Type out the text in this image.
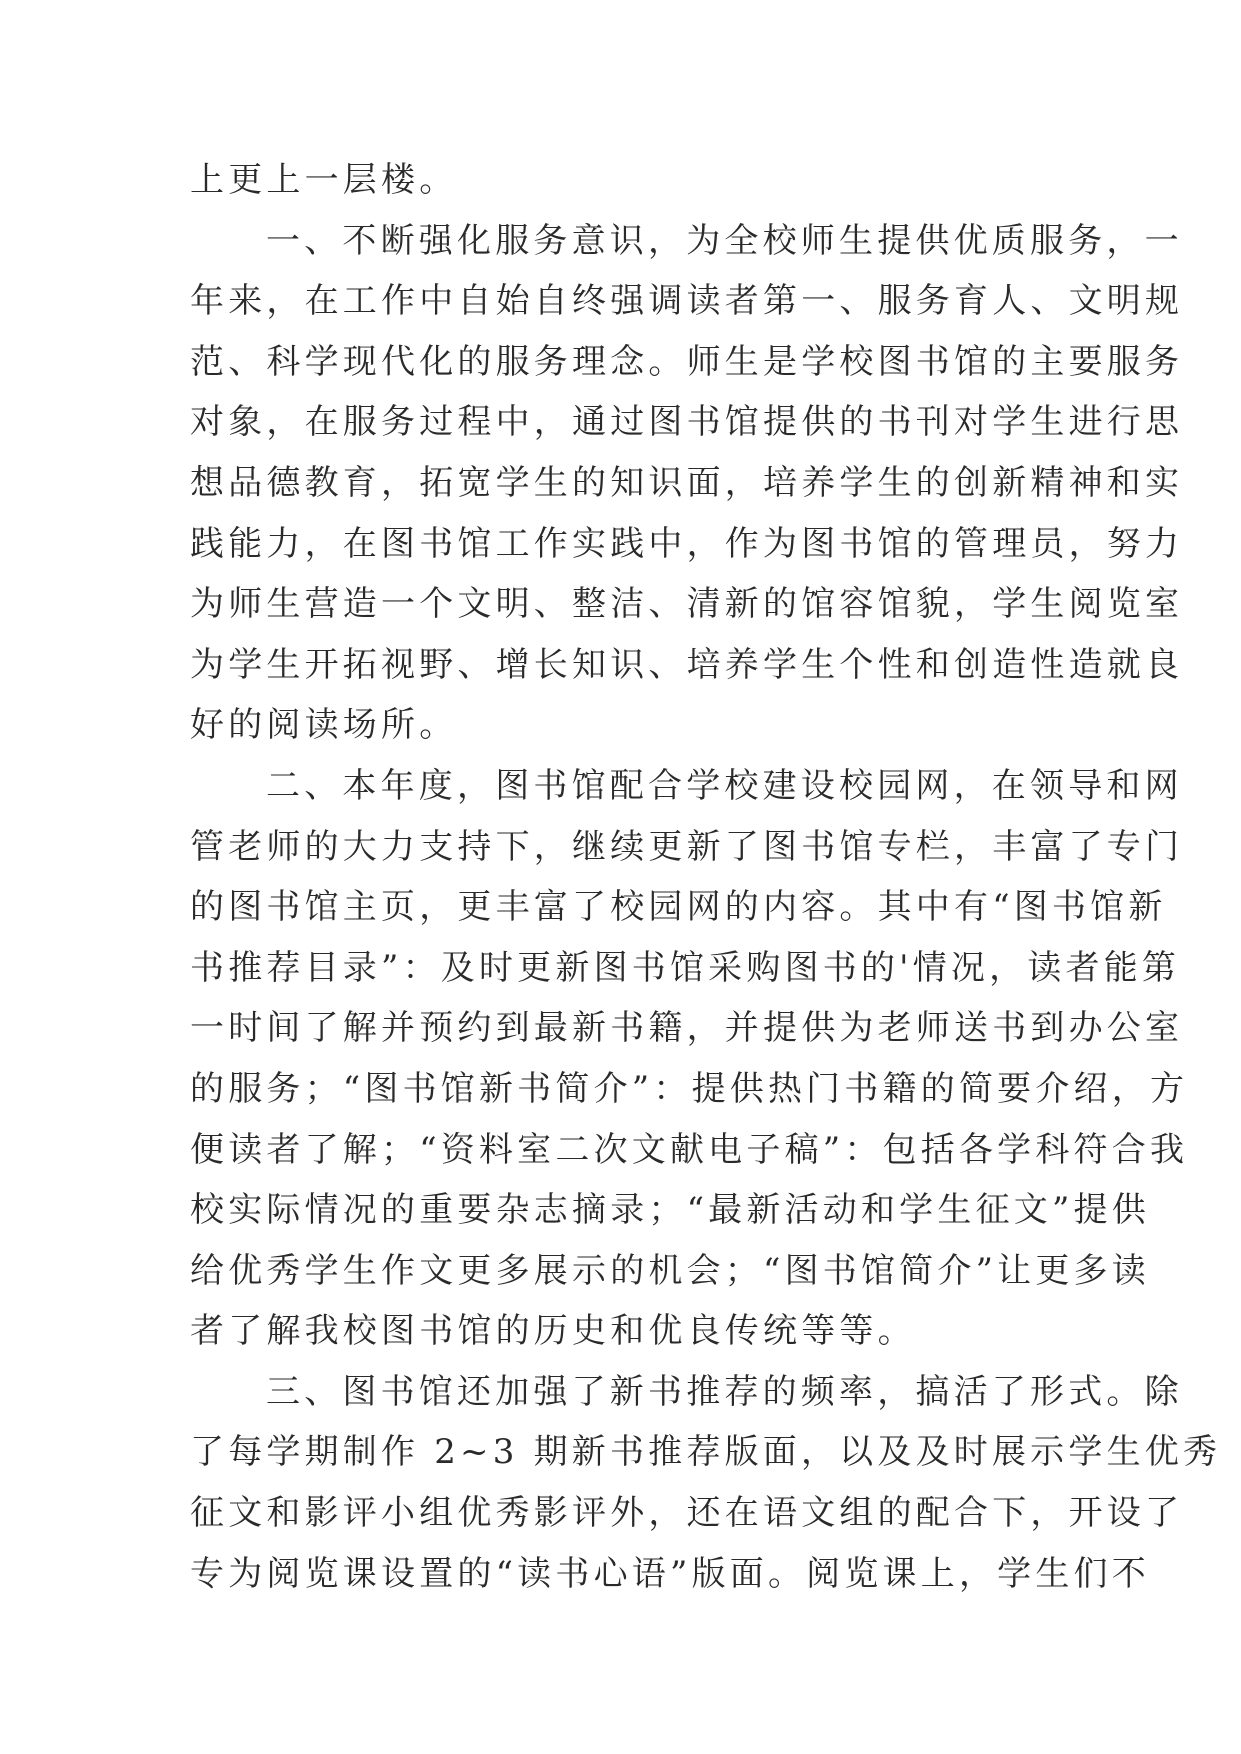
上更上一层楼。
一、不断强化服务意识，为全校师生提供优质服务，一
年来，在工作中自始自终强调读者第一、服务育人、文明规
范、科学现代化的服务理念。师生是学校图书馆的主要服务
对象，在服务过程中，通过图书馆提供的书刊对学生进行思
想品德教育，拓宽学生的知识面，培养学生的创新精神和实
践能力，在图书馆工作实践中，作为图书馆的管理员，努力
为师生营造一个文明、整洁、清新的馆容馆貌，学生阅览室
为学生开拓视野、增长知识、培养学生个性和创造性造就良
好的阅读场所。
二、本年度，图书馆配合学校建设校园网，在领导和网
管老师的大力支持下，继续更新了图书馆专栏，丰富了专门
的图书馆主页，更丰富了校园网的内容。其中有“图书馆新
书推荐目录”：及时更新图书馆采购图书的'情况，读者能第
一时间了解并预约到最新书籍，并提供为老师送书到办公室
的服务；“图书馆新书简介”：提供热门书籍的简要介绍，方
便读者了解；“资料室二次文献电子稿”：包括各学科符合我
校实际情况的重要杂志摘录；“最新活动和学生征文”提供
给优秀学生作文更多展示的机会；“图书馆简介”让更多读
者了解我校图书馆的历史和优良传统等等。
三、图书馆还加强了新书推荐的频率，搞活了形式。除
了每学期制作 2~3 期新书推荐版面，以及及时展示学生优秀
征文和影评小组优秀影评外，还在语文组的配合下，开设了
专为阅览课设置的“读书心语”版面。阅览课上，学生们不
